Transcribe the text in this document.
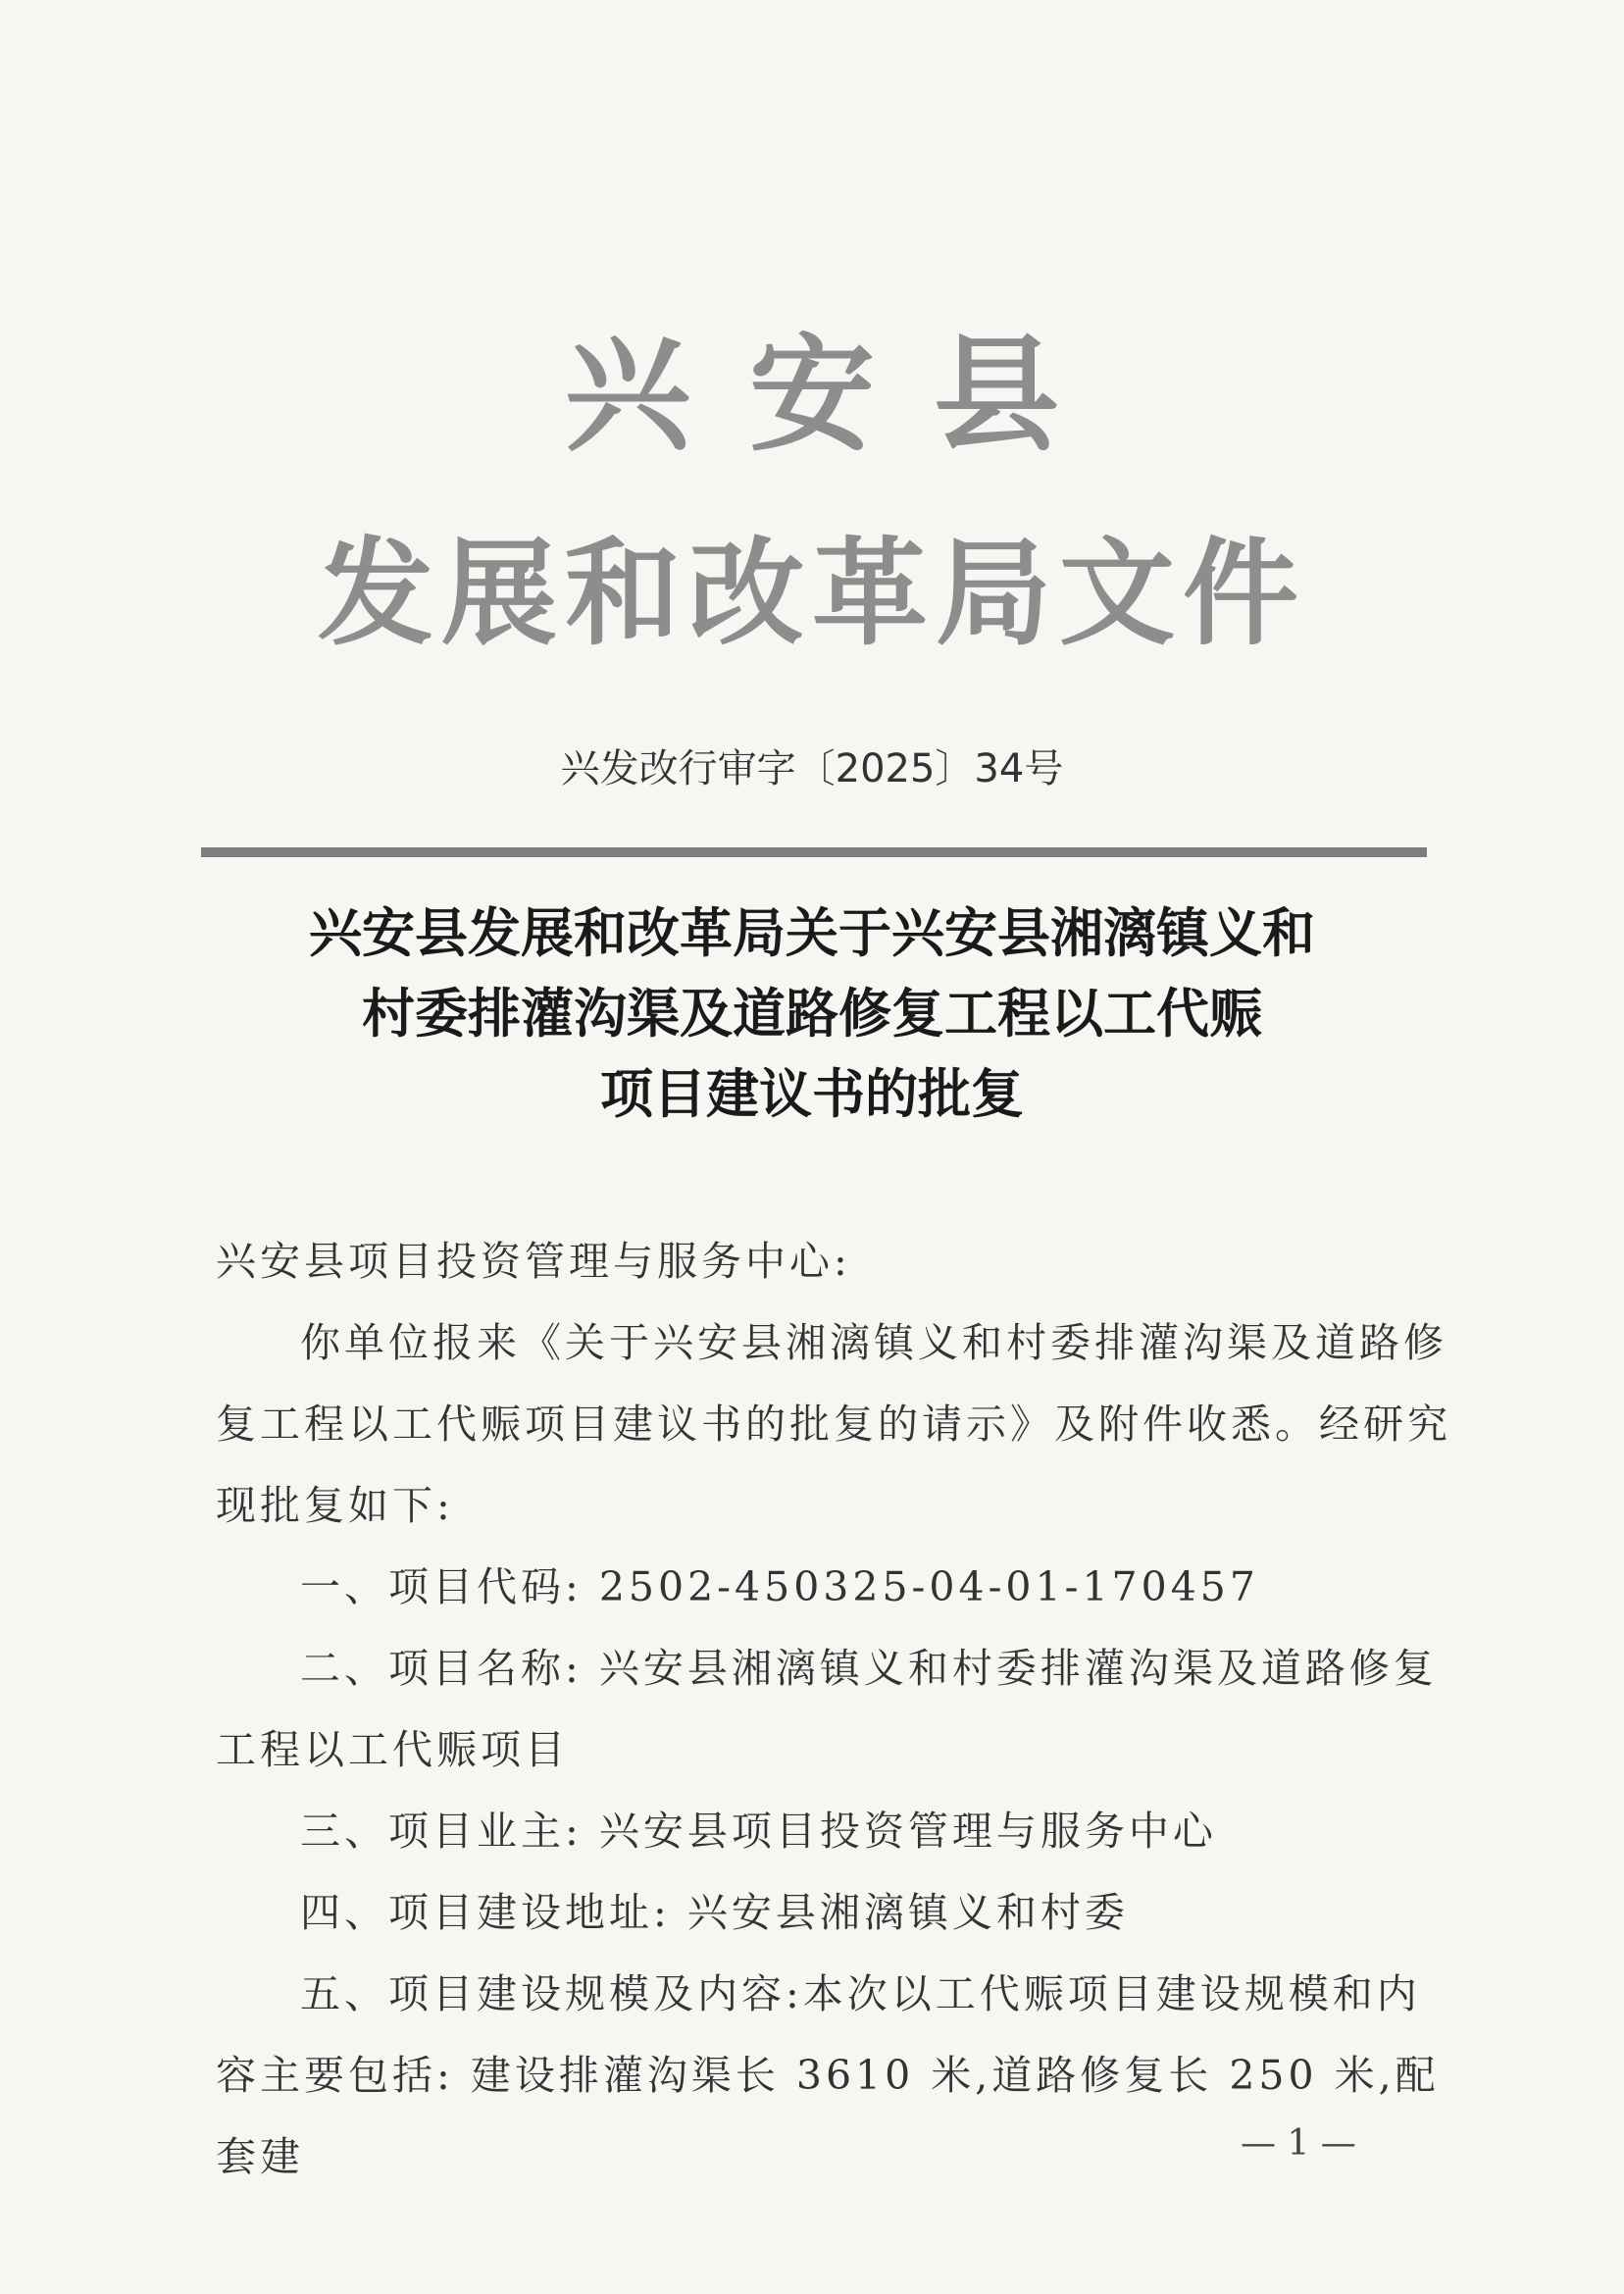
兴安县
发展和改革局文件
兴发改行审字〔2025〕34号
兴安县发展和改革局关于兴安县湘漓镇义和
村委排灌沟渠及道路修复工程以工代赈
项目建议书的批复

兴安县项目投资管理与服务中心:

你单位报来《关于兴安县湘漓镇义和村委排灌沟渠及道路修复工程以工代赈项目建议书的批复的请示》及附件收悉。经研究现批复如下:

一、项目代码: 2502-450325-04-01-170457

二、项目名称: 兴安县湘漓镇义和村委排灌沟渠及道路修复工程以工代赈项目

三、项目业主: 兴安县项目投资管理与服务中心

四、项目建设地址: 兴安县湘漓镇义和村委

五、项目建设规模及内容:本次以工代赈项目建设规模和内容主要包括: 建设排灌沟渠长 3610 米,道路修复长 250 米,配套建	— 1 —
